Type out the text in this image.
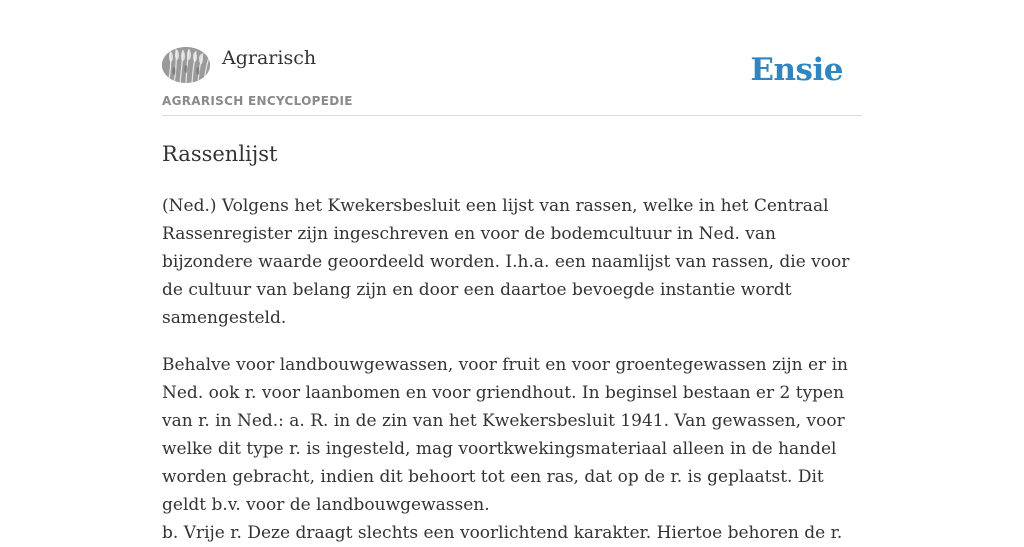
Agrarisch
AGRARISCH ENCYCLOPEDIE
Ensie
Rassenlijst

(Ned.) Volgens het Kwekersbesluit een lijst van rassen, welke in het Centraal Rassenregister zijn ingeschreven en voor de bodemcultuur in Ned. van bijzondere waarde geoordeeld worden. I.h.a. een naamlijst van rassen, die voor de cultuur van belang zijn en door een daartoe bevoegde instantie wordt samengesteld.

Behalve voor landbouwgewassen, voor fruit en voor groentegewassen zijn er in Ned. ook r. voor laanbomen en voor griendhout. In beginsel bestaan er 2 typen van r. in Ned.: a. R. in de zin van het Kwekersbesluit 1941. Van gewassen, voor welke dit type r. is ingesteld, mag voortkwekingsmateriaal alleen in de handel worden gebracht, indien dit behoort tot een ras, dat op de r. is geplaatst. Dit geldt b.v. voor de landbouwgewassen.

b. Vrije r. Deze draagt slechts een voorlichtend karakter. Hiertoe behoren de r.
